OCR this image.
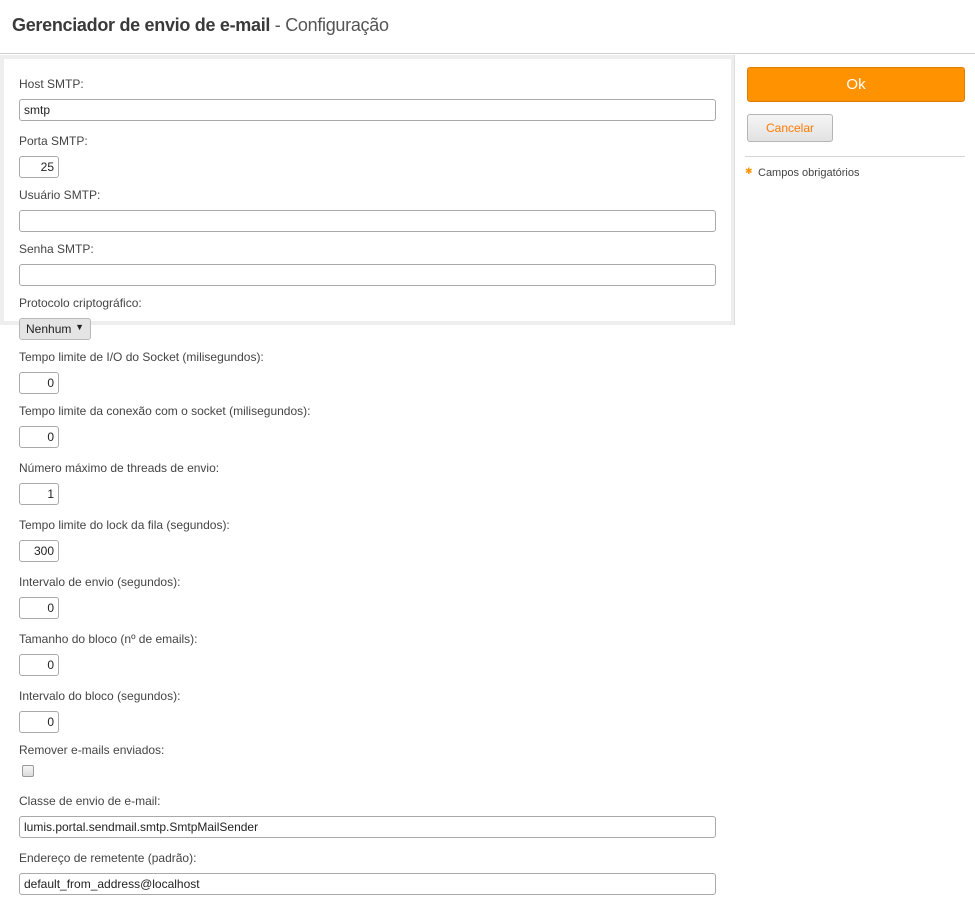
Gerenciador de envio de e-mail - Configuração
Host SMTP:
smtp
Porta SMTP:
25
Usuário SMTP:
Senha SMTP:
Protocolo criptográfico:
Nenhum ▼
Tempo limite de I/O do Socket (milisegundos):
0
Tempo limite da conexão com o socket (milisegundos):
0
Número máximo de threads de envio:
1
Tempo limite do lock da fila (segundos):
300
Intervalo de envio (segundos):
0
Tamanho do bloco (nº de emails):
0
Intervalo do bloco (segundos):
0
Remover e-mails enviados:
Classe de envio de e-mail:
lumis.portal.sendmail.smtp.SmtpMailSender
Endereço de remetente (padrão):
default_from_address@localhost
Ok
Cancelar
✱ Campos obrigatórios
